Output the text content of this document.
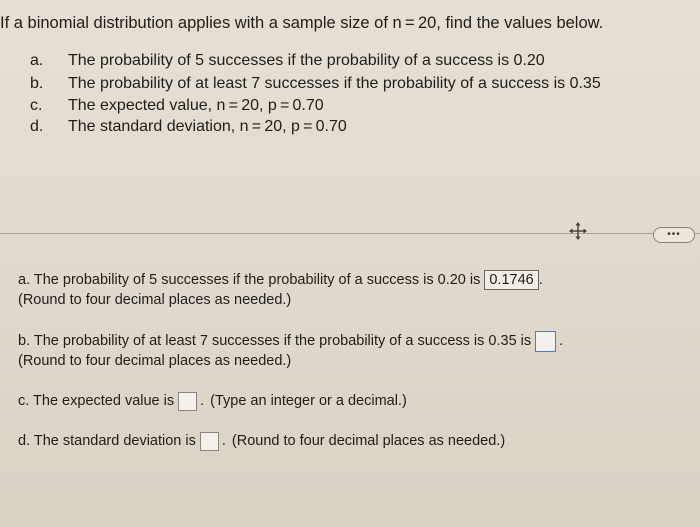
If a binomial distribution applies with a sample size of n = 20, find the values below.
a.	The probability of 5 successes if the probability of a success is 0.20
b.	The probability of at least 7 successes if the probability of a success is 0.35
c.	The expected value, n = 20, p = 0.70
d.	The standard deviation, n = 20, p = 0.70
•••
a. The probability of 5 successes if the probability of a success is 0.20 is 0.1746 .
(Round to four decimal places as needed.)
b. The probability of at least 7 successes if the probability of a success is 0.35 is .
(Round to four decimal places as needed.)
c. The expected value is . (Type an integer or a decimal.)
d. The standard deviation is . (Round to four decimal places as needed.)
